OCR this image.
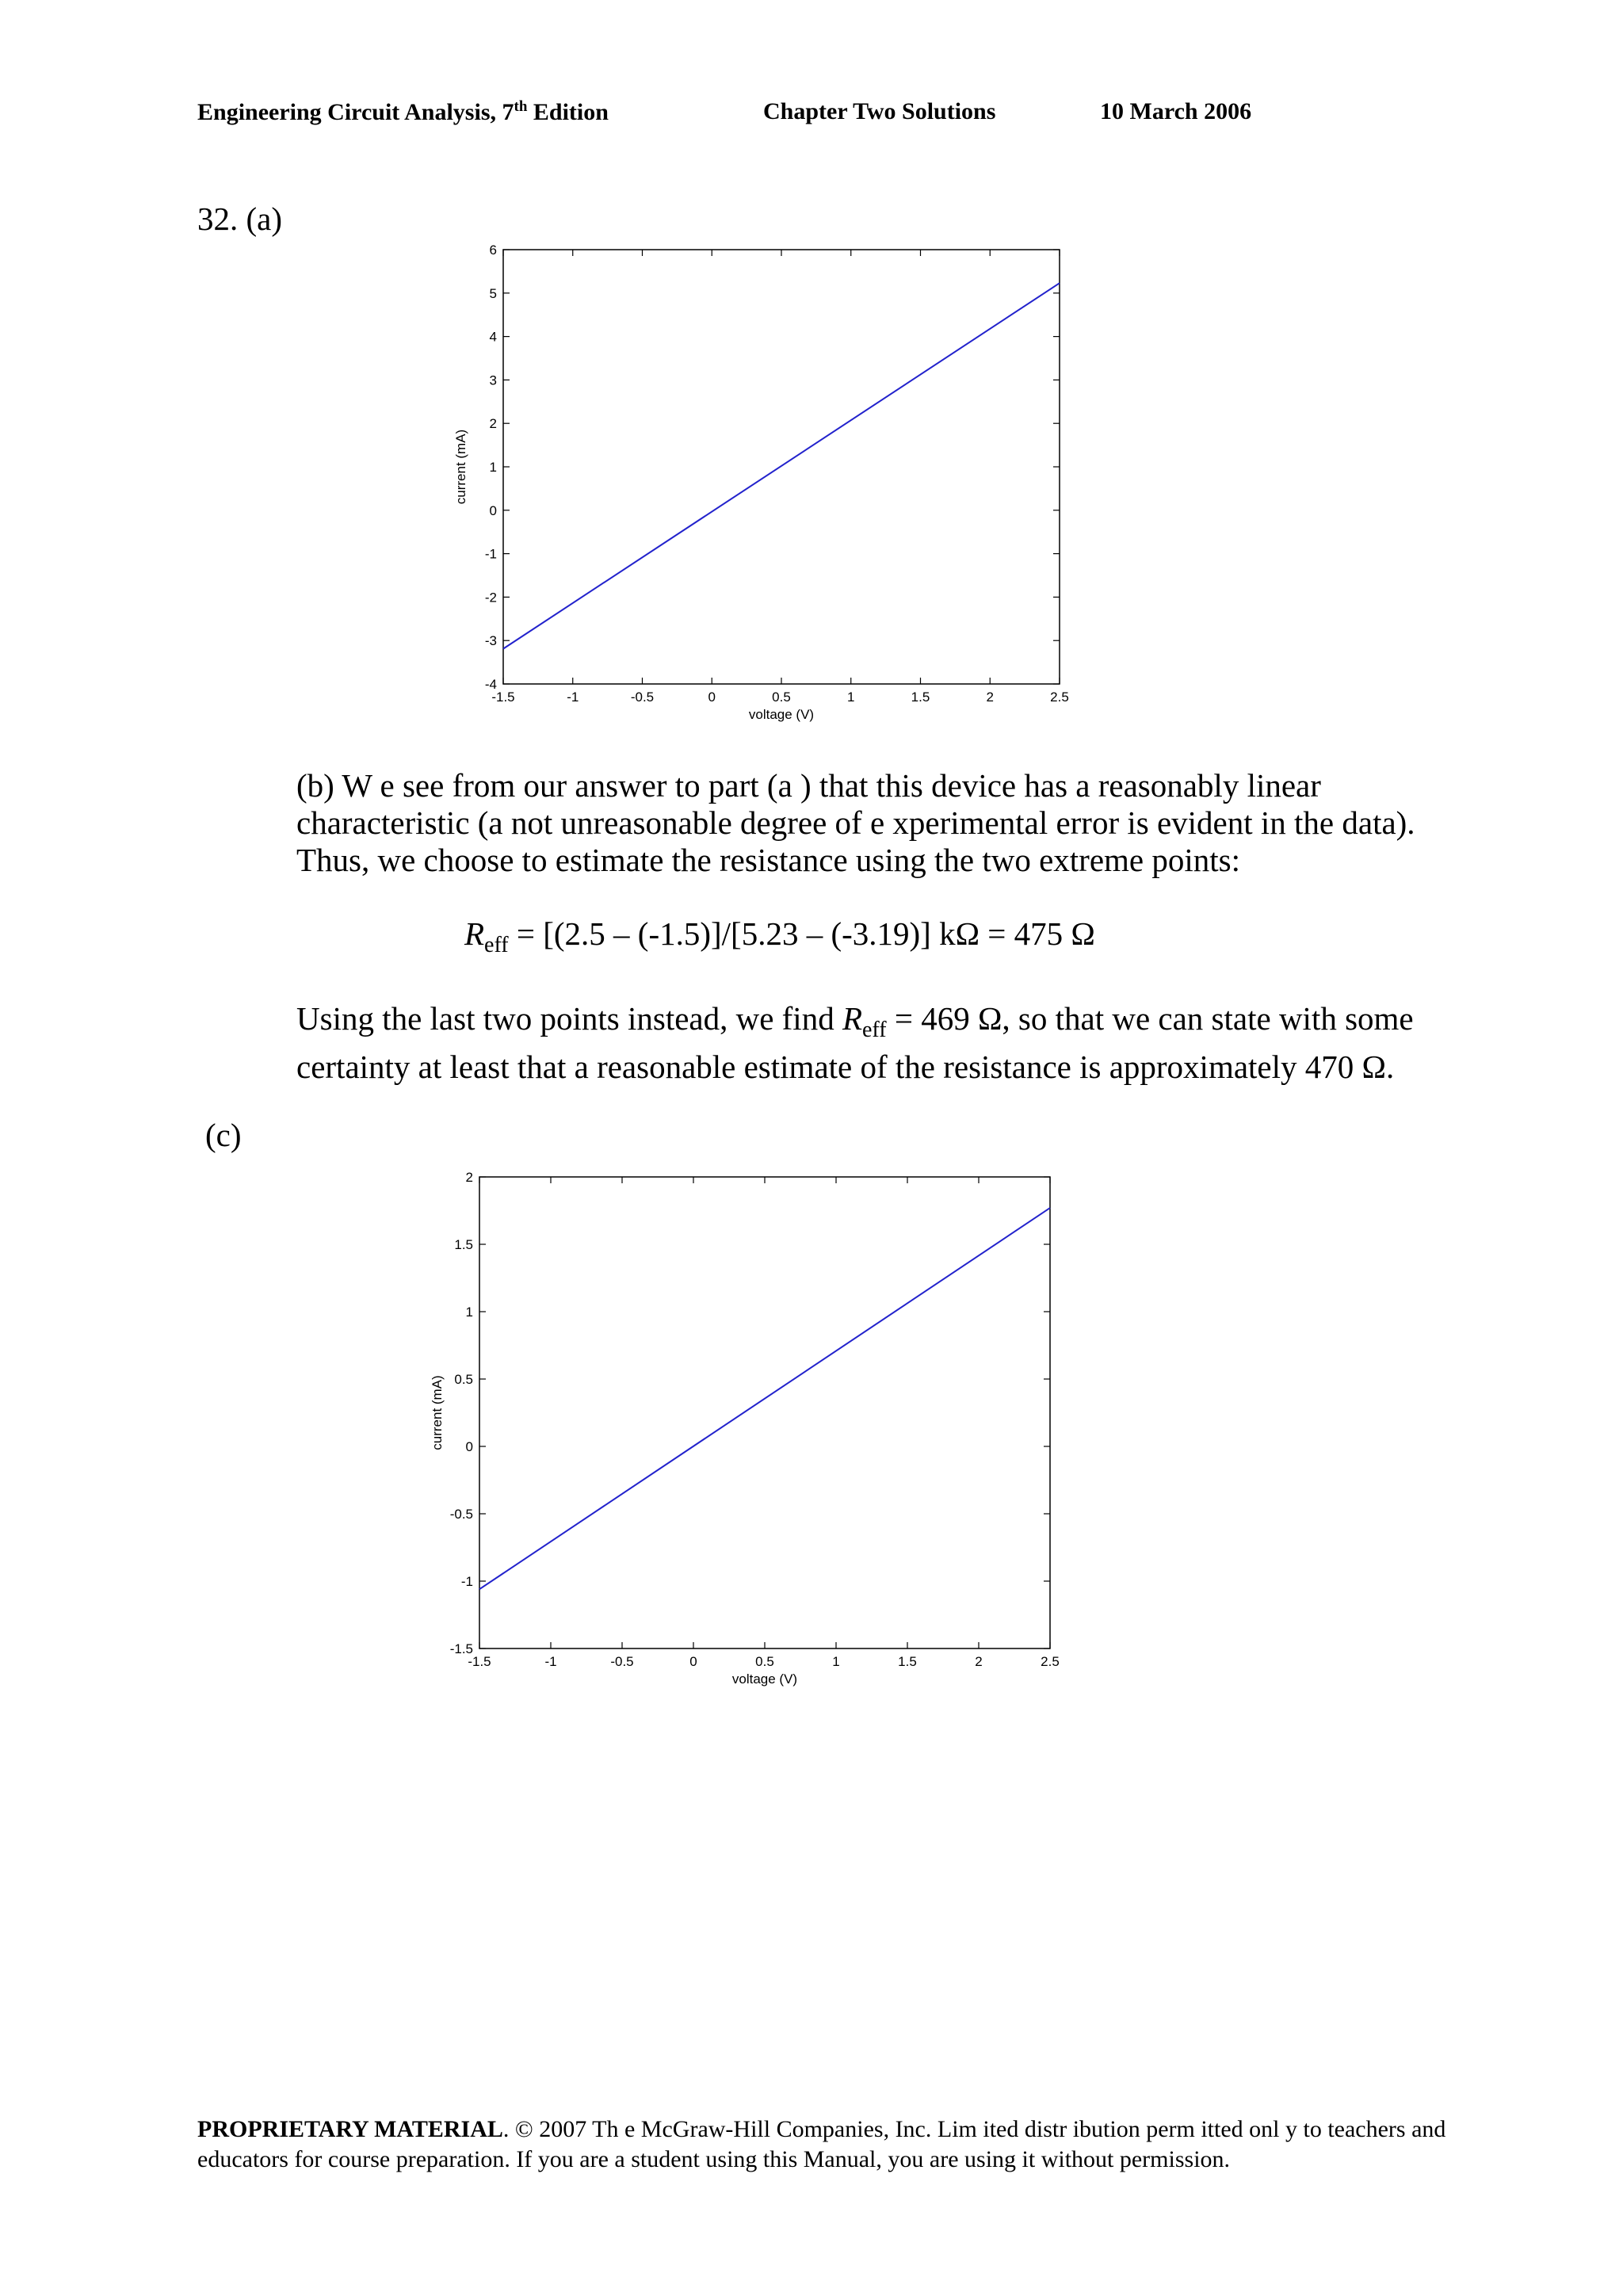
Engineering Circuit Analysis, 7th Edition	Chapter Two Solutions	10 March 2006
32. (a)
(c)
-1.5	-1	-0.5	0	0.5	1	1.5	2	2.5
-4
-3
-2
-1
0
1
2
3
4
5
6
voltage (V)
current (mA)

(b) W e see from our answer to part (a ) that this device has a reasonably linear characteristic (a not unreasonable degree of e xperimental error is evident in the data). Thus, we choose to estimate the resistance using the two extreme points:

$R_{eff} = [(2.5 - (-1.5)]/[5.23 - (-3.19)] k\Omega = 475$ Ω

Using the last two points instead, we find $R_{eff} = 469$ Ω, so that we can state with some certainty at least that a reasonable estimate of the resistance is approximately 470 Ω.

-1.5	-1	-0.5	0	0.5	1	1.5	2	2.5
-1.5
-1
-0.5
0
0.5
1
1.5
2
voltage (V)
current (mA)
PROPRIETARY MATERIAL. © 2007 Th e McGraw-Hill Companies, Inc. Lim ited distr ibution perm itted onl y to teachers and educators for course preparation. If you are a student using this Manual, you are using it without permission.
